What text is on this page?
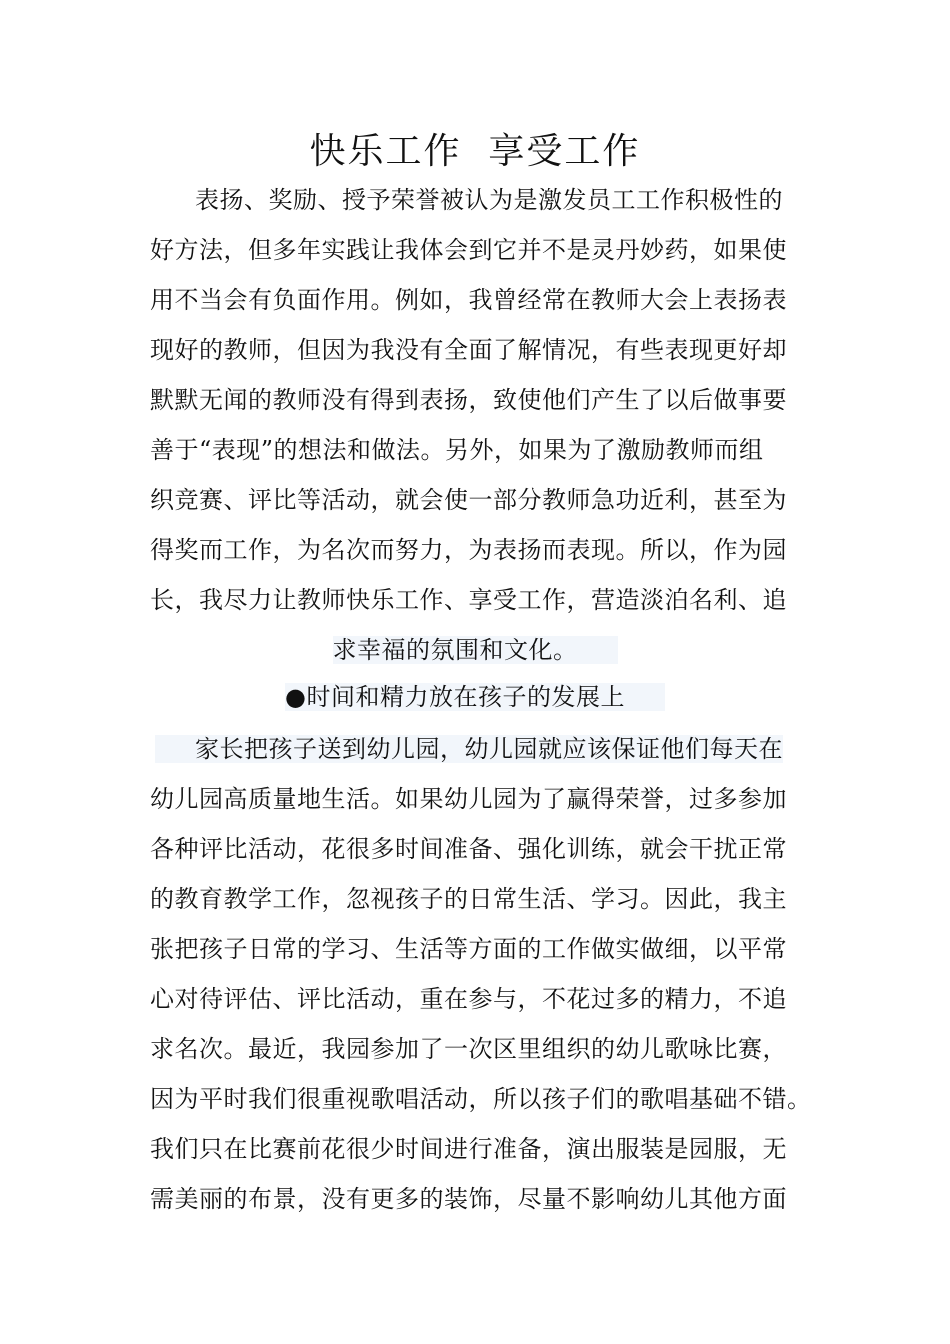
快乐工作  享受工作
表扬、奖励、授予荣誉被认为是激发员工工作积极性的
好方法，但多年实践让我体会到它并不是灵丹妙药，如果使
用不当会有负面作用。例如，我曾经常在教师大会上表扬表
现好的教师，但因为我没有全面了解情况，有些表现更好却
默默无闻的教师没有得到表扬，致使他们产生了以后做事要
善于“表现”的想法和做法。另外，如果为了激励教师而组
织竞赛、评比等活动，就会使一部分教师急功近利，甚至为
得奖而工作，为名次而努力，为表扬而表现。所以，作为园
长，我尽力让教师快乐工作、享受工作，营造淡泊名利、追
求幸福的氛围和文化。
●时间和精力放在孩子的发展上
家长把孩子送到幼儿园，幼儿园就应该保证他们每天在
幼儿园高质量地生活。如果幼儿园为了赢得荣誉，过多参加
各种评比活动，花很多时间准备、强化训练，就会干扰正常
的教育教学工作，忽视孩子的日常生活、学习。因此，我主
张把孩子日常的学习、生活等方面的工作做实做细，以平常
心对待评估、评比活动，重在参与，不花过多的精力，不追
求名次。最近，我园参加了一次区里组织的幼儿歌咏比赛，
因为平时我们很重视歌唱活动，所以孩子们的歌唱基础不错。
我们只在比赛前花很少时间进行准备，演出服装是园服，无
需美丽的布景，没有更多的装饰，尽量不影响幼儿其他方面
